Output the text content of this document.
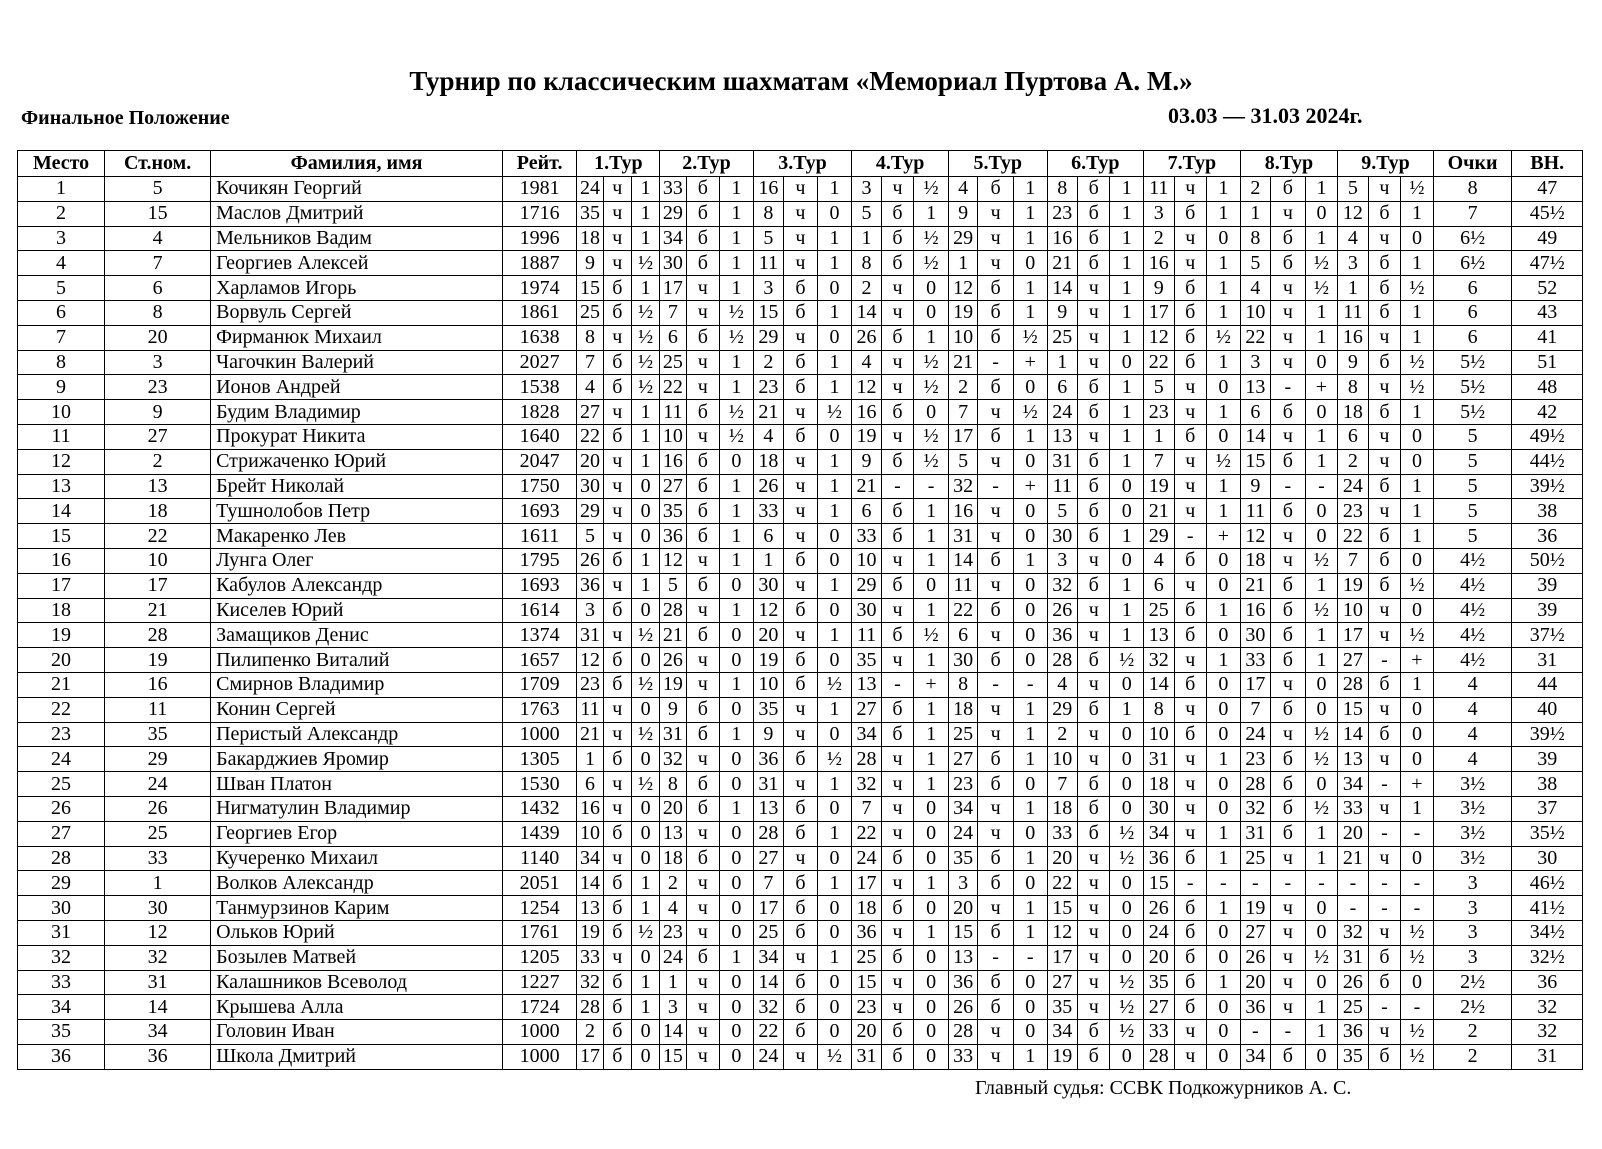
Турнир по классическим шахматам «Мемориал Пуртова А. М.»
Финальное Положение	03.03 — 31.03 2024г.
Место	Ст.ном.	Фамилия, имя	Рейт.	1.Тур			2.Тур			3.Тур			4.Тур			5.Тур			6.Тур			7.Тур			8.Тур			9.Тур			Очки	ВН.
1	5	Кочикян Георгий	1981	24	ч	1	33	б	1	16	ч	1	3	ч	½	4	б	1	8	б	1	11	ч	1	2	б	1	5	ч	½	8	47
2	15	Маслов Дмитрий	1716	35	ч	1	29	б	1	8	ч	0	5	б	1	9	ч	1	23	б	1	3	б	1	1	ч	0	12	б	1	7	45½
3	4	Мельников Вадим	1996	18	ч	1	34	б	1	5	ч	1	1	б	½	29	ч	1	16	б	1	2	ч	0	8	б	1	4	ч	0	6½	49
4	7	Георгиев Алексей	1887	9	ч	½	30	б	1	11	ч	1	8	б	½	1	ч	0	21	б	1	16	ч	1	5	б	½	3	б	1	6½	47½
5	6	Харламов Игорь	1974	15	б	1	17	ч	1	3	б	0	2	ч	0	12	б	1	14	ч	1	9	б	1	4	ч	½	1	б	½	6	52
6	8	Ворвуль Сергей	1861	25	б	½	7	ч	½	15	б	1	14	ч	0	19	б	1	9	ч	1	17	б	1	10	ч	1	11	б	1	6	43
7	20	Фирманюк Михаил	1638	8	ч	½	6	б	½	29	ч	0	26	б	1	10	б	½	25	ч	1	12	б	½	22	ч	1	16	ч	1	6	41
8	3	Чагочкин Валерий	2027	7	б	½	25	ч	1	2	б	1	4	ч	½	21	-	+	1	ч	0	22	б	1	3	ч	0	9	б	½	5½	51
9	23	Ионов Андрей	1538	4	б	½	22	ч	1	23	б	1	12	ч	½	2	б	0	6	б	1	5	ч	0	13	-	+	8	ч	½	5½	48
10	9	Будим Владимир	1828	27	ч	1	11	б	½	21	ч	½	16	б	0	7	ч	½	24	б	1	23	ч	1	6	б	0	18	б	1	5½	42
11	27	Прокурат Никита	1640	22	б	1	10	ч	½	4	б	0	19	ч	½	17	б	1	13	ч	1	1	б	0	14	ч	1	6	ч	0	5	49½
12	2	Стрижаченко Юрий	2047	20	ч	1	16	б	0	18	ч	1	9	б	½	5	ч	0	31	б	1	7	ч	½	15	б	1	2	ч	0	5	44½
13	13	Брейт Николай	1750	30	ч	0	27	б	1	26	ч	1	21	-	-	32	-	+	11	б	0	19	ч	1	9	-	-	24	б	1	5	39½
14	18	Тушнолобов Петр	1693	29	ч	0	35	б	1	33	ч	1	6	б	1	16	ч	0	5	б	0	21	ч	1	11	б	0	23	ч	1	5	38
15	22	Макаренко Лев	1611	5	ч	0	36	б	1	6	ч	0	33	б	1	31	ч	0	30	б	1	29	-	+	12	ч	0	22	б	1	5	36
16	10	Лунга Олег	1795	26	б	1	12	ч	1	1	б	0	10	ч	1	14	б	1	3	ч	0	4	б	0	18	ч	½	7	б	0	4½	50½
17	17	Кабулов Александр	1693	36	ч	1	5	б	0	30	ч	1	29	б	0	11	ч	0	32	б	1	6	ч	0	21	б	1	19	б	½	4½	39
18	21	Киселев Юрий	1614	3	б	0	28	ч	1	12	б	0	30	ч	1	22	б	0	26	ч	1	25	б	1	16	б	½	10	ч	0	4½	39
19	28	Замащиков Денис	1374	31	ч	½	21	б	0	20	ч	1	11	б	½	6	ч	0	36	ч	1	13	б	0	30	б	1	17	ч	½	4½	37½
20	19	Пилипенко Виталий	1657	12	б	0	26	ч	0	19	б	0	35	ч	1	30	б	0	28	б	½	32	ч	1	33	б	1	27	-	+	4½	31
21	16	Смирнов Владимир	1709	23	б	½	19	ч	1	10	б	½	13	-	+	8	-	-	4	ч	0	14	б	0	17	ч	0	28	б	1	4	44
22	11	Конин Сергей	1763	11	ч	0	9	б	0	35	ч	1	27	б	1	18	ч	1	29	б	1	8	ч	0	7	б	0	15	ч	0	4	40
23	35	Перистый Александр	1000	21	ч	½	31	б	1	9	ч	0	34	б	1	25	ч	1	2	ч	0	10	б	0	24	ч	½	14	б	0	4	39½
24	29	Бакарджиев Яромир	1305	1	б	0	32	ч	0	36	б	½	28	ч	1	27	б	1	10	ч	0	31	ч	1	23	б	½	13	ч	0	4	39
25	24	Шван Платон	1530	6	ч	½	8	б	0	31	ч	1	32	ч	1	23	б	0	7	б	0	18	ч	0	28	б	0	34	-	+	3½	38
26	26	Нигматулин Владимир	1432	16	ч	0	20	б	1	13	б	0	7	ч	0	34	ч	1	18	б	0	30	ч	0	32	б	½	33	ч	1	3½	37
27	25	Георгиев Егор	1439	10	б	0	13	ч	0	28	б	1	22	ч	0	24	ч	0	33	б	½	34	ч	1	31	б	1	20	-	-	3½	35½
28	33	Кучеренко Михаил	1140	34	ч	0	18	б	0	27	ч	0	24	б	0	35	б	1	20	ч	½	36	б	1	25	ч	1	21	ч	0	3½	30
29	1	Волков Александр	2051	14	б	1	2	ч	0	7	б	1	17	ч	1	3	б	0	22	ч	0	15	-	-	-	-	-	-	-	-	3	46½
30	30	Танмурзинов Карим	1254	13	б	1	4	ч	0	17	б	0	18	б	0	20	ч	1	15	ч	0	26	б	1	19	ч	0	-	-	-	3	41½
31	12	Ольков Юрий	1761	19	б	½	23	ч	0	25	б	0	36	ч	1	15	б	1	12	ч	0	24	б	0	27	ч	0	32	ч	½	3	34½
32	32	Бозылев Матвей	1205	33	ч	0	24	б	1	34	ч	1	25	б	0	13	-	-	17	ч	0	20	б	0	26	ч	½	31	б	½	3	32½
33	31	Калашников Всеволод	1227	32	б	1	1	ч	0	14	б	0	15	ч	0	36	б	0	27	ч	½	35	б	1	20	ч	0	26	б	0	2½	36
34	14	Крышева Алла	1724	28	б	1	3	ч	0	32	б	0	23	ч	0	26	б	0	35	ч	½	27	б	0	36	ч	1	25	-	-	2½	32
35	34	Головин Иван	1000	2	б	0	14	ч	0	22	б	0	20	б	0	28	ч	0	34	б	½	33	ч	0	-	-	1	36	ч	½	2	32
36	36	Школа Дмитрий	1000	17	б	0	15	ч	0	24	ч	½	31	б	0	33	ч	1	19	б	0	28	ч	0	34	б	0	35	б	½	2	31
Главный судья: ССВК Подкожурников А. С.
